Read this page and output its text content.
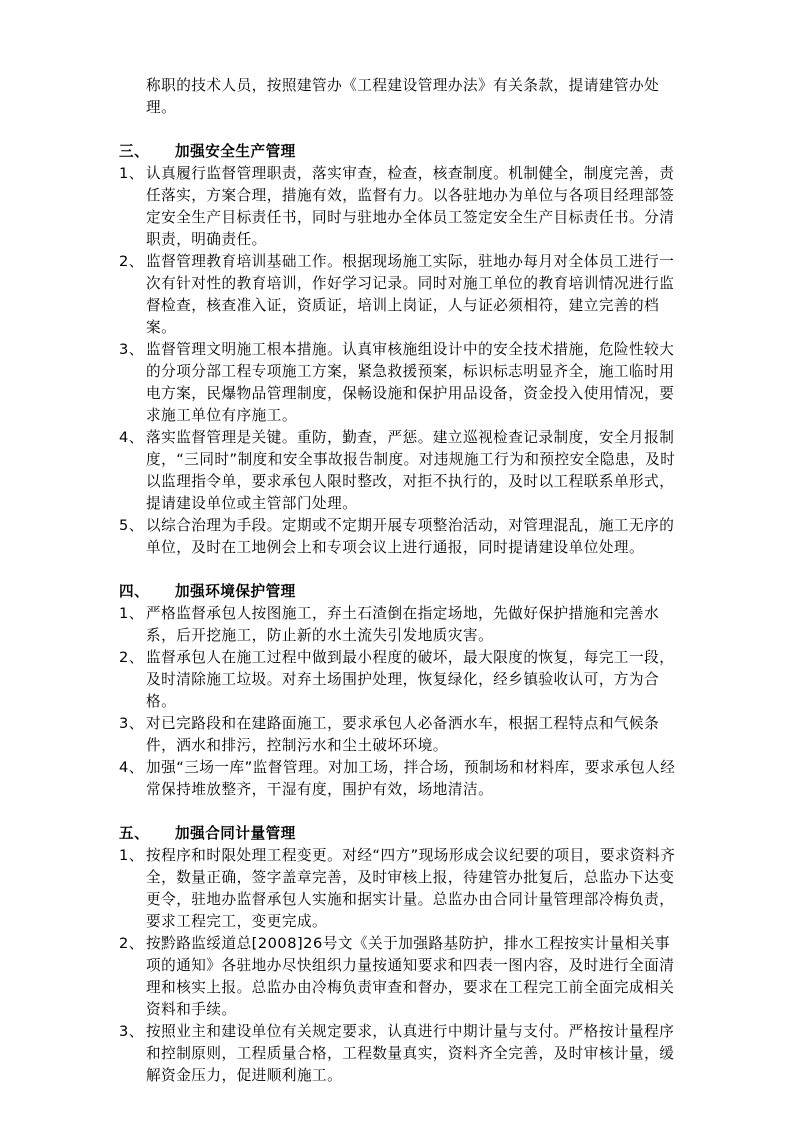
称职的技术人员，按照建管办《工程建设管理办法》有关条款，提请建管办处理。

三、 加强安全生产管理

1、 认真履行监督管理职责，落实审查，检查，核查制度。机制健全，制度完善，责任落实，方案合理，措施有效，监督有力。以各驻地办为单位与各项目经理部签定安全生产目标责任书，同时与驻地办全体员工签定安全生产目标责任书。分清职责，明确责任。

2、 监督管理教育培训基础工作。根据现场施工实际，驻地办每月对全体员工进行一次有针对性的教育培训，作好学习记录。同时对施工单位的教育培训情况进行监督检查，核查准入证，资质证，培训上岗证，人与证必须相符，建立完善的档案。

3、 监督管理文明施工根本措施。认真审核施组设计中的安全技术措施，危险性较大的分项分部工程专项施工方案，紧急救援预案，标识标志明显齐全，施工临时用电方案，民爆物品管理制度，保畅设施和保护用品设备，资金投入使用情况，要求施工单位有序施工。

4、 落实监督管理是关键。重防，勤查，严惩。建立巡视检查记录制度，安全月报制度，“三同时”制度和安全事故报告制度。对违规施工行为和预控安全隐患，及时以监理指令单，要求承包人限时整改，对拒不执行的，及时以工程联系单形式，提请建设单位或主管部门处理。

5、 以综合治理为手段。定期或不定期开展专项整治活动，对管理混乱，施工无序的单位，及时在工地例会上和专项会议上进行通报，同时提请建设单位处理。

四、 加强环境保护管理

1、 严格监督承包人按图施工，弃土石渣倒在指定场地，先做好保护措施和完善水系，后开挖施工，防止新的水土流失引发地质灾害。

2、 监督承包人在施工过程中做到最小程度的破坏，最大限度的恢复，每完工一段，及时清除施工垃圾。对弃土场围护处理，恢复绿化，经乡镇验收认可，方为合格。

3、 对已完路段和在建路面施工，要求承包人必备洒水车，根据工程特点和气候条件，洒水和排污，控制污水和尘土破坏环境。

4、 加强“三场一库”监督管理。对加工场，拌合场，预制场和材料库，要求承包人经常保持堆放整齐，干湿有度，围护有效，场地清洁。

五、 加强合同计量管理

1、 按程序和时限处理工程变更。对经“四方”现场形成会议纪要的项目，要求资料齐全，数量正确，签字盖章完善，及时审核上报，待建管办批复后，总监办下达变更令，驻地办监督承包人实施和据实计量。总监办由合同计量管理部冷梅负责，要求工程完工，变更完成。

2、 按黔路监绥道总[2008]26号文《关于加强路基防护，排水工程按实计量相关事项的通知》各驻地办尽快组织力量按通知要求和四表一图内容，及时进行全面清理和核实上报。总监办由冷梅负责审查和督办，要求在工程完工前全面完成相关资料和手续。

3、 按照业主和建设单位有关规定要求，认真进行中期计量与支付。严格按计量程序和控制原则，工程质量合格，工程数量真实，资料齐全完善，及时审核计量，缓解资金压力，促进顺利施工。
